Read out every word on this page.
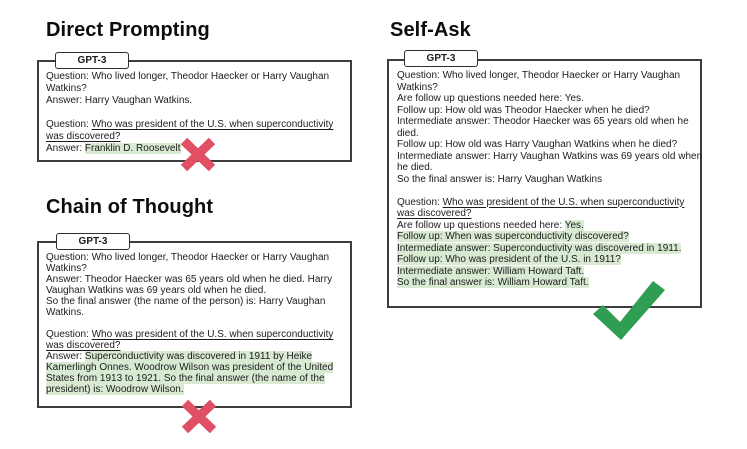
Direct Prompting
GPT-3
Question: Who lived longer, Theodor Haecker or Harry Vaughan
Watkins?
Answer: Harry Vaughan Watkins.
Question: Who was president of the U.S. when superconductivity
was discovered?
Answer: Franklin D. Roosevelt
Chain of Thought
GPT-3
Question: Who lived longer, Theodor Haecker or Harry Vaughan
Watkins?
Answer: Theodor Haecker was 65 years old when he died. Harry
Vaughan Watkins was 69 years old when he died.
So the final answer (the name of the person) is: Harry Vaughan
Watkins.
Question: Who was president of the U.S. when superconductivity
was discovered?
Answer: Superconductivity was discovered in 1911 by Heike
Kamerlingh Onnes. Woodrow Wilson was president of the United
States from 1913 to 1921. So the final answer (the name of the
president) is: Woodrow Wilson.
Self-Ask
GPT-3
Question: Who lived longer, Theodor Haecker or Harry Vaughan
Watkins?
Are follow up questions needed here: Yes.
Follow up: How old was Theodor Haecker when he died?
Intermediate answer: Theodor Haecker was 65 years old when he
died.
Follow up: How old was Harry Vaughan Watkins when he died?
Intermediate answer: Harry Vaughan Watkins was 69 years old when
he died.
So the final answer is: Harry Vaughan Watkins
Question: Who was president of the U.S. when superconductivity
was discovered?
Are follow up questions needed here: Yes.
Follow up: When was superconductivity discovered?
Intermediate answer: Superconductivity was discovered in 1911.
Follow up: Who was president of the U.S. in 1911?
Intermediate answer: William Howard Taft.
So the final answer is: William Howard Taft.
